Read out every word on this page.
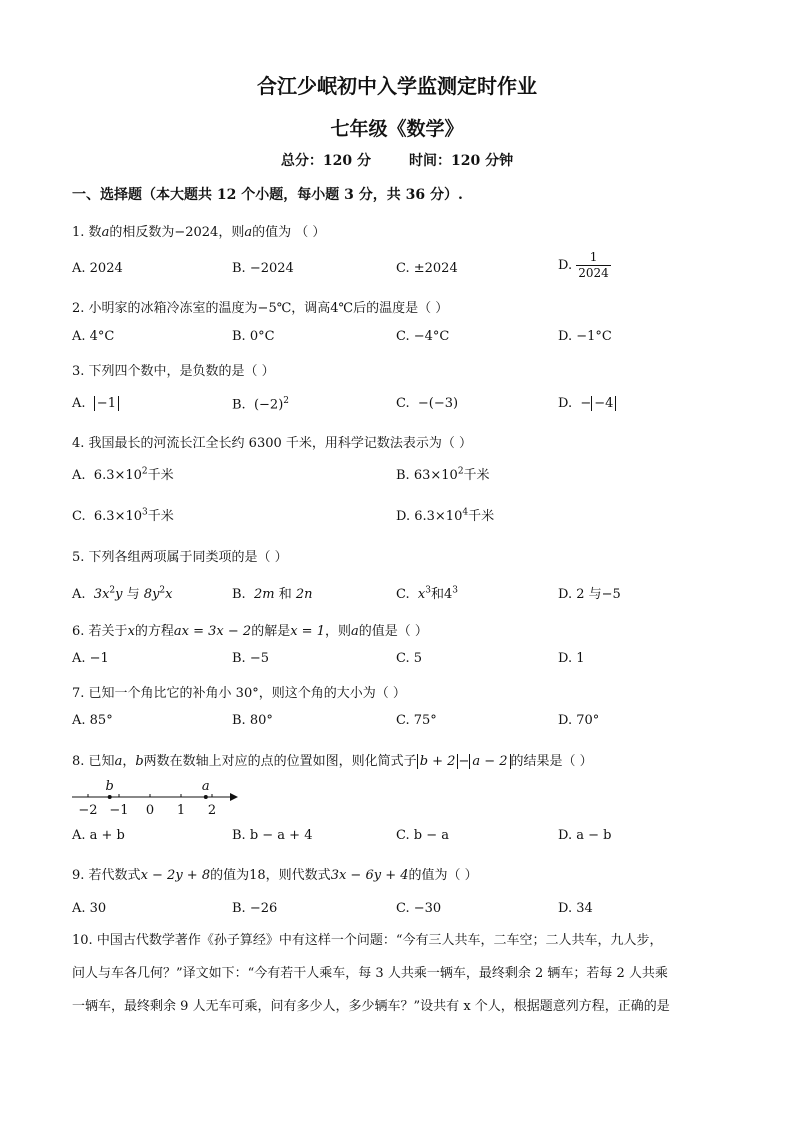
合江少岷初中入学监测定时作业
七年级《数学》
总分：120 分	时间：120 分钟
一、选择题（本大题共 12 个小题，每小题 3 分，共 36 分）.
1. 数a的相反数为−2024，则a的值为 （ ）
A. 2024	B. −2024	C. ±2024	D. $\frac{1}{2024}$
2. 小明家的冰箱冷冻室的温度为−5℃，调高4℃后的温度是（ ）
A. 4°C	B. 0°C	C. −4°C	D. −1°C
3. 下列四个数中，是负数的是（ ）
A. −1	B. $(-2)^2$	C. −(−3)	D. − −4
4. 我国最长的河流长江全长约 6300 千米，用科学记数法表示为（ ）
A. $6.3\times 10^2$千米	B. $63\times 10^2$千米
C. $6.3\times 10^3$千米	D. $6.3\times 10^4$千米
5. 下列各组两项属于同类项的是（ ）
A. $3x^2y$ 与 $8y^2x$	B. 2m 和 2n	C. $x^3$和$4^3$	D. 2 与−5
6. 若关于x的方程ax = 3x − 2的解是x = 1，则a的值是（ ）
A. −1	B. −5	C. 5	D. 1
7. 已知一个角比它的补角小 30°，则这个角的大小为（ ）
A. 85°	B. 80°	C. 75°	D. 70°
8. 已知a，b两数在数轴上对应的点的位置如图，则化简式子 b + 2 − a − 2 的结果是（ ）
−2 −1 0 1 2
b	a
A. a + b	B. b − a + 4	C. b − a	D. a − b
9. 若代数式x − 2y + 8的值为18，则代数式3x − 6y + 4的值为（ ）
A. 30	B. −26	C. −30	D. 34
10. 中国古代数学著作《孙子算经》中有这样一个问题：“今有三人共车，二车空；二人共车，九人步，
问人与车各几何？”译文如下：“今有若干人乘车，每 3 人共乘一辆车，最终剩余 2 辆车；若每 2 人共乘
一辆车，最终剩余 9 人无车可乘，问有多少人，多少辆车？”设共有 x 个人，根据题意列方程，正确的是
